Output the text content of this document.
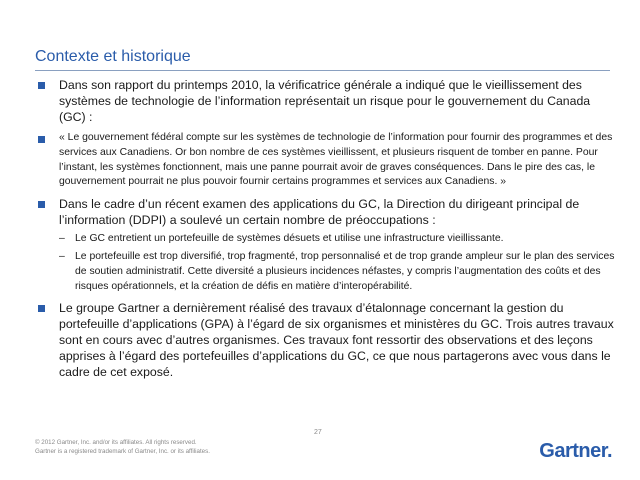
Contexte et historique
Dans son rapport du printemps 2010, la vérificatrice générale a indiqué que le vieillissement des systèmes de technologie de l’information représentait un risque pour le gouvernement du Canada (GC) :
« Le gouvernement fédéral compte sur les systèmes de technologie de l’information pour fournir des programmes et des services aux Canadiens. Or bon nombre de ces systèmes vieillissent, et plusieurs risquent de tomber en panne. Pour l’instant, les systèmes fonctionnent, mais une panne pourrait avoir de graves conséquences. Dans le pire des cas, le gouvernement pourrait ne plus pouvoir fournir certains programmes et services aux Canadiens. »
Dans le cadre d’un récent examen des applications du GC, la Direction du dirigeant principal de l’information (DDPI) a soulevé un certain nombre de préoccupations :
– Le GC entretient un portefeuille de systèmes désuets et utilise une infrastructure vieillissante.
– Le portefeuille est trop diversifié, trop fragmenté, trop personnalisé et de trop grande ampleur sur le plan des services de soutien administratif. Cette diversité a plusieurs incidences néfastes, y compris l’augmentation des coûts et des risques opérationnels, et la création de défis en matière d’interopérabilité.
Le groupe Gartner a dernièrement réalisé des travaux d’étalonnage concernant la gestion du portefeuille d’applications (GPA) à l’égard de six organismes et ministères du GC. Trois autres travaux sont en cours avec d’autres organismes. Ces travaux font ressortir des observations et des leçons apprises à l’égard des portefeuilles d’applications du GC, ce que nous partagerons avec vous dans le cadre de cet exposé.
© 2012 Gartner, Inc. and/or its affiliates. All rights reserved.
Gartner is a registered trademark of Gartner, Inc. or its affiliates.
27
Gartner.
